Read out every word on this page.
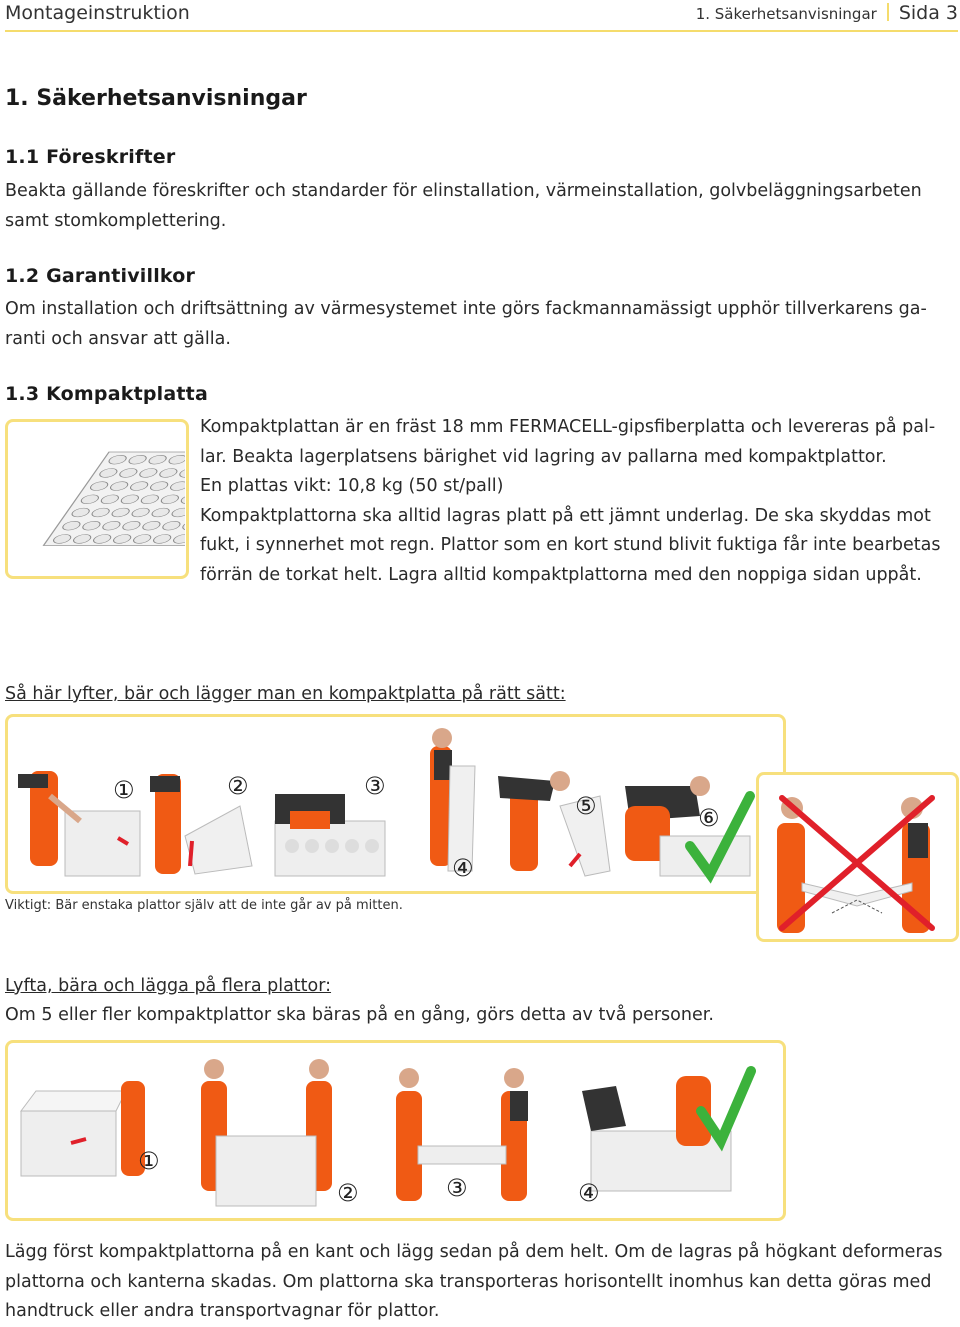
Montageinstruktion	1. Säkerhetsanvisningar Sida 3
1. Säkerhetsanvisningar
1.1 Föreskrifter
Beakta gällande föreskrifter och standarder för elinstallation, värmeinstallation, golvbeläggningsarbeten
samt stomkomplettering.
1.2 Garantivillkor
Om installation och driftsättning av värmesystemet inte görs fackmannamässigt upphör tillverkarens ga-
ranti och ansvar att gälla.
1.3 Kompaktplatta
Kompaktplattan är en fräst 18 mm FERMACELL-gipsfiberplatta och levereras på pal-
lar. Beakta lagerplatsens bärighet vid lagring av pallarna med kompaktplattor.
En plattas vikt: 10,8 kg (50 st/pall)
Kompaktplattorna ska alltid lagras platt på ett jämnt underlag. De ska skyddas mot
fukt, i synnerhet mot regn. Plattor som en kort stund blivit fuktiga får inte bearbetas
förrän de torkat helt. Lagra alltid kompaktplattorna med den noppiga sidan uppåt.
Så här lyfter, bär och lägger man en kompaktplatta på rätt sätt:
①	②	③
④
⑤	⑥
Viktigt: Bär enstaka plattor själv att de inte går av på mitten.
Lyfta, bära och lägga på flera plattor:
Om 5 eller fler kompaktplattor ska bäras på en gång, görs detta av två personer.
①
②	③	④
Lägg först kompaktplattorna på en kant och lägg sedan på dem helt. Om de lagras på högkant deformeras
plattorna och kanterna skadas. Om plattorna ska transporteras horisontellt inomhus kan detta göras med
handtruck eller andra transportvagnar för plattor.
